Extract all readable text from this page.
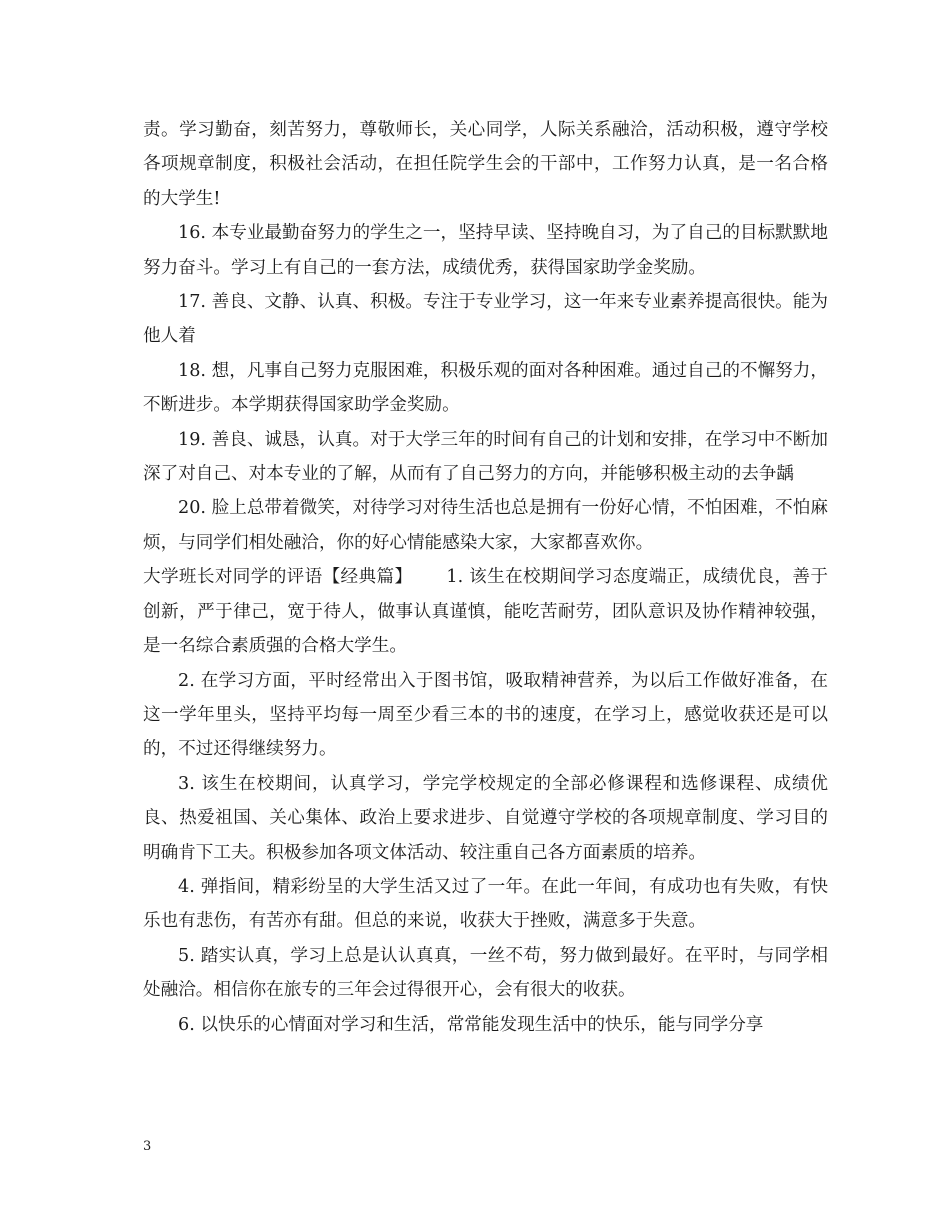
责。学习勤奋，刻苦努力，尊敬师长，关心同学，人际关系融洽，活动积极，遵守学校各项规章制度，积极社会活动，在担任院学生会的干部中，工作努力认真，是一名合格的大学生!

16. 本专业最勤奋努力的学生之一，坚持早读、坚持晚自习，为了自己的目标默默地努力奋斗。学习上有自己的一套方法，成绩优秀，获得国家助学金奖励。

17. 善良、文静、认真、积极。专注于专业学习，这一年来专业素养提高很快。能为他人着

18. 想，凡事自己努力克服困难，积极乐观的面对各种困难。通过自己的不懈努力，不断进步。本学期获得国家助学金奖励。

19. 善良、诚恳，认真。对于大学三年的时间有自己的计划和安排，在学习中不断加深了对自己、对本专业的了解，从而有了自己努力的方向，并能够积极主动的去争龋

20. 脸上总带着微笑，对待学习对待生活也总是拥有一份好心情，不怕困难，不怕麻烦，与同学们相处融洽，你的好心情能感染大家，大家都喜欢你。

大学班长对同学的评语【经典篇】 1. 该生在校期间学习态度端正，成绩优良，善于创新，严于律己，宽于待人，做事认真谨慎，能吃苦耐劳，团队意识及协作精神较强，是一名综合素质强的合格大学生。

2. 在学习方面，平时经常出入于图书馆，吸取精神营养，为以后工作做好准备，在这一学年里头，坚持平均每一周至少看三本的书的速度，在学习上，感觉收获还是可以的，不过还得继续努力。

3. 该生在校期间，认真学习，学完学校规定的全部必修课程和选修课程、成绩优良、热爱祖国、关心集体、政治上要求进步、自觉遵守学校的各项规章制度、学习目的明确肯下工夫。积极参加各项文体活动、较注重自己各方面素质的培养。

4. 弹指间，精彩纷呈的大学生活又过了一年。在此一年间，有成功也有失败，有快乐也有悲伤，有苦亦有甜。但总的来说，收获大于挫败，满意多于失意。

5. 踏实认真，学习上总是认认真真，一丝不苟，努力做到最好。在平时，与同学相处融洽。相信你在旅专的三年会过得很开心，会有很大的收获。

6. 以快乐的心情面对学习和生活，常常能发现生活中的快乐，能与同学分享

3
